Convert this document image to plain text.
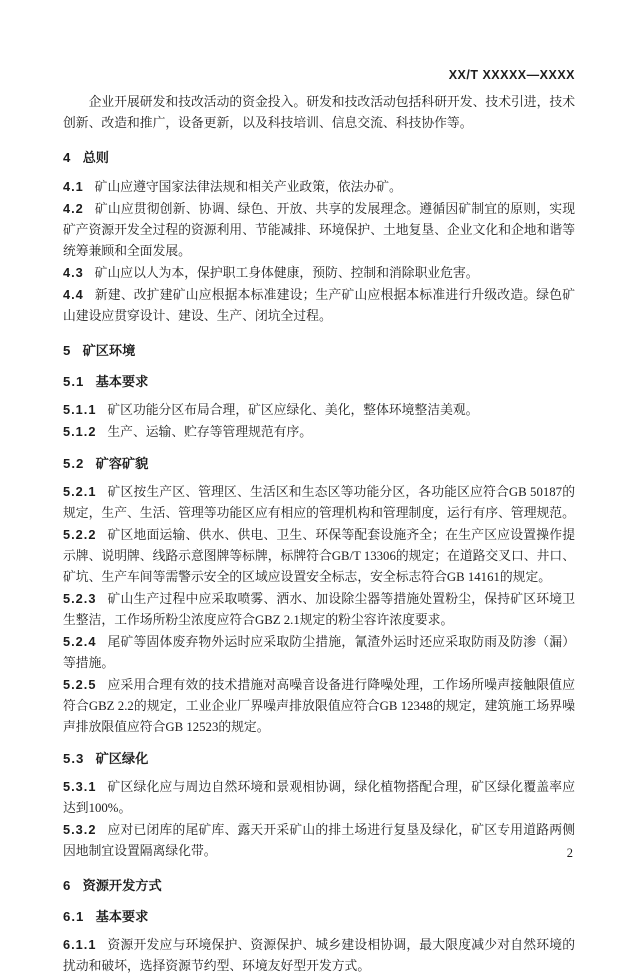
XX/T XXXXX—XXXX

企业开展研发和技改活动的资金投入。研发和技改活动包括科研开发、技术引进，技术创新、改造和推广，设备更新，以及科技培训、信息交流、科技协作等。

4 总则

4.1 矿山应遵守国家法律法规和相关产业政策，依法办矿。

4.2 矿山应贯彻创新、协调、绿色、开放、共享的发展理念。遵循因矿制宜的原则，实现矿产资源开发全过程的资源利用、节能减排、环境保护、土地复垦、企业文化和企地和谐等统筹兼顾和全面发展。

4.3 矿山应以人为本，保护职工身体健康，预防、控制和消除职业危害。

4.4 新建、改扩建矿山应根据本标准建设；生产矿山应根据本标准进行升级改造。绿色矿山建设应贯穿设计、建设、生产、闭坑全过程。

5 矿区环境

5.1 基本要求

5.1.1 矿区功能分区布局合理，矿区应绿化、美化，整体环境整洁美观。

5.1.2 生产、运输、贮存等管理规范有序。

5.2 矿容矿貌

5.2.1 矿区按生产区、管理区、生活区和生态区等功能分区，各功能区应符合GB 50187的规定，生产、生活、管理等功能区应有相应的管理机构和管理制度，运行有序、管理规范。

5.2.2 矿区地面运输、供水、供电、卫生、环保等配套设施齐全；在生产区应设置操作提示牌、说明牌、线路示意图牌等标牌，标牌符合GB/T 13306的规定；在道路交叉口、井口、矿坑、生产车间等需警示安全的区域应设置安全标志，安全标志符合GB 14161的规定。

5.2.3 矿山生产过程中应采取喷雾、洒水、加设除尘器等措施处置粉尘，保持矿区环境卫生整洁，工作场所粉尘浓度应符合GBZ 2.1规定的粉尘容许浓度要求。

5.2.4 尾矿等固体废弃物外运时应采取防尘措施，氰渣外运时还应采取防雨及防渗（漏）等措施。

5.2.5 应采用合理有效的技术措施对高噪音设备进行降噪处理，工作场所噪声接触限值应符合GBZ 2.2的规定，工业企业厂界噪声排放限值应符合GB 12348的规定，建筑施工场界噪声排放限值应符合GB 12523的规定。

5.3 矿区绿化

5.3.1 矿区绿化应与周边自然环境和景观相协调，绿化植物搭配合理，矿区绿化覆盖率应达到100%。

5.3.2 应对已闭库的尾矿库、露天开采矿山的排土场进行复垦及绿化，矿区专用道路两侧因地制宜设置隔离绿化带。

6 资源开发方式

6.1 基本要求

6.1.1 资源开发应与环境保护、资源保护、城乡建设相协调，最大限度减少对自然环境的扰动和破坏，选择资源节约型、环境友好型开发方式。

2
